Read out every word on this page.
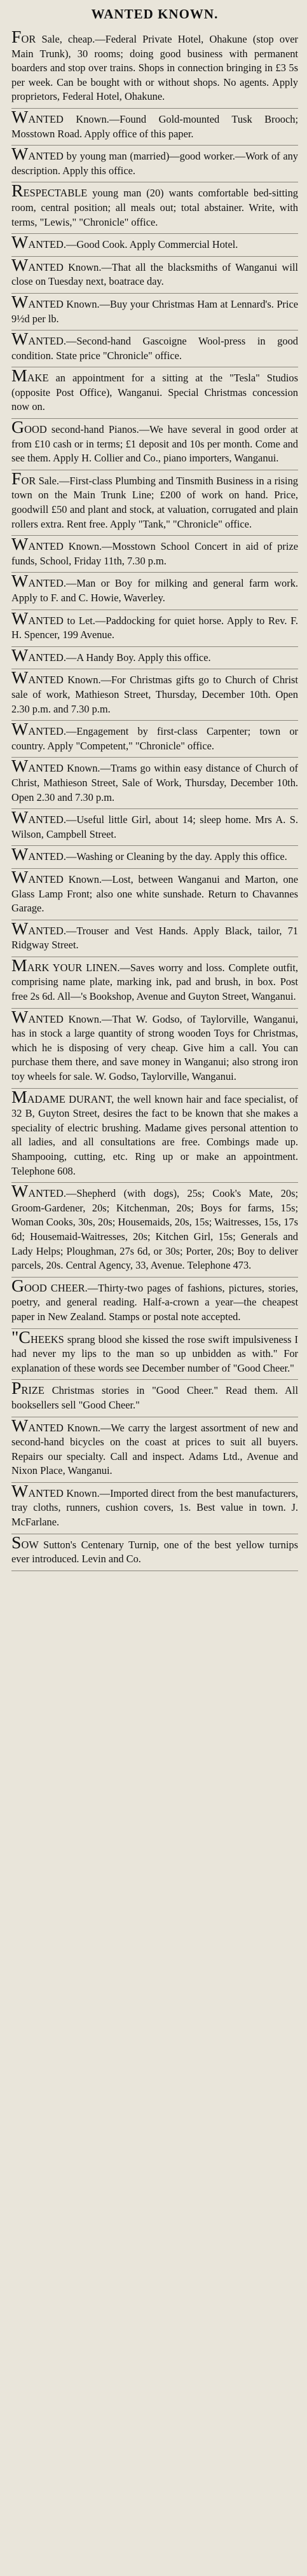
WANTED KNOWN.

FOR Sale, cheap.—Federal Private Hotel, Ohakune (stop over Main Trunk), 30 rooms; doing good business with permanent boarders and stop over trains. Shops in connection bringing in £3 5s per week. Can be bought with or without shops. No agents. Apply proprietors, Federal Hotel, Ohakune.

WANTED Known.—Found Gold-mounted Tusk Brooch; Mosstown Road. Apply office of this paper.

WANTED by young man (married)—good worker.—Work of any description. Apply this office.

RESPECTABLE young man (20) wants comfortable bed-sitting room, central position; all meals out; total abstainer. Write, with terms, "Lewis," "Chronicle" office.

WANTED.—Good Cook. Apply Commercial Hotel.

WANTED Known.—That all the blacksmiths of Wanganui will close on Tuesday next, boatrace day.

WANTED Known.—Buy your Christmas Ham at Lennard's. Price 9½d per lb.

WANTED.—Second-hand Gascoigne Wool-press in good condition. State price "Chronicle" office.

MAKE an appointment for a sitting at the "Tesla" Studios (opposite Post Office), Wanganui. Special Christmas concession now on.

GOOD second-hand Pianos.—We have several in good order at from £10 cash or in terms; £1 deposit and 10s per month. Come and see them. Apply H. Collier and Co., piano importers, Wanganui.

FOR Sale.—First-class Plumbing and Tinsmith Business in a rising town on the Main Trunk Line; £200 of work on hand. Price, goodwill £50 and plant and stock, at valuation, corrugated and plain rollers extra. Rent free. Apply "Tank," "Chronicle" office.

WANTED Known.—Mosstown School Concert in aid of prize funds, School, Friday 11th, 7.30 p.m.

WANTED.—Man or Boy for milking and general farm work. Apply to F. and C. Howie, Waverley.

WANTED to Let.—Paddocking for quiet horse. Apply to Rev. F. H. Spencer, 199 Avenue.

WANTED.—A Handy Boy. Apply this office.

WANTED Known.—For Christmas gifts go to Church of Christ sale of work, Mathieson Street, Thursday, December 10th. Open 2.30 p.m. and 7.30 p.m.

WANTED.—Engagement by first-class Carpenter; town or country. Apply "Competent," "Chronicle" office.

WANTED Known.—Trams go within easy distance of Church of Christ, Mathieson Street, Sale of Work, Thursday, December 10th. Open 2.30 and 7.30 p.m.

WANTED.—Useful little Girl, about 14; sleep home. Mrs A. S. Wilson, Campbell Street.

WANTED.—Washing or Cleaning by the day. Apply this office.

WANTED Known.—Lost, between Wanganui and Marton, one Glass Lamp Front; also one white sunshade. Return to Chavannes Garage.

WANTED.—Trouser and Vest Hands. Apply Black, tailor, 71 Ridgway Street.

MARK YOUR LINEN.—Saves worry and loss. Complete outfit, comprising name plate, marking ink, pad and brush, in box. Post free 2s 6d. All—'s Bookshop, Avenue and Guyton Street, Wanganui.

WANTED Known.—That W. Godso, of Taylorville, Wanganui, has in stock a large quantity of strong wooden Toys for Christmas, which he is disposing of very cheap. Give him a call. You can purchase them there, and save money in Wanganui; also strong iron toy wheels for sale. W. Godso, Taylorville, Wanganui.

MADAME DURANT, the well known hair and face specialist, of 32 B, Guyton Street, desires the fact to be known that she makes a speciality of electric brushing. Madame gives personal attention to all ladies, and all consultations are free. Combings made up. Shampooing, cutting, etc. Ring up or make an appointment. Telephone 608.

WANTED.—Shepherd (with dogs), 25s; Cook's Mate, 20s; Groom-Gardener, 20s; Kitchenman, 20s; Boys for farms, 15s; Woman Cooks, 30s, 20s; Housemaids, 20s, 15s; Waitresses, 15s, 17s 6d; Housemaid-Waitresses, 20s; Kitchen Girl, 15s; Generals and Lady Helps; Ploughman, 27s 6d, or 30s; Porter, 20s; Boy to deliver parcels, 20s. Central Agency, 33, Avenue. Telephone 473.

GOOD CHEER.—Thirty-two pages of fashions, pictures, stories, poetry, and general reading. Half-a-crown a year—the cheapest paper in New Zealand. Stamps or postal note accepted.

"CHEEKS sprang blood she kissed the rose swift impulsiveness I had never my lips to the man so up unbidden as with." For explanation of these words see December number of "Good Cheer."

PRIZE Christmas stories in "Good Cheer." Read them. All booksellers sell "Good Cheer."

WANTED Known.—We carry the largest assortment of new and second-hand bicycles on the coast at prices to suit all buyers. Repairs our specialty. Call and inspect. Adams Ltd., Avenue and Nixon Place, Wanganui.

WANTED Known.—Imported direct from the best manufacturers, tray cloths, runners, cushion covers, 1s. Best value in town. J. McFarlane.

SOW Sutton's Centenary Turnip, one of the best yellow turnips ever introduced. Levin and Co.
